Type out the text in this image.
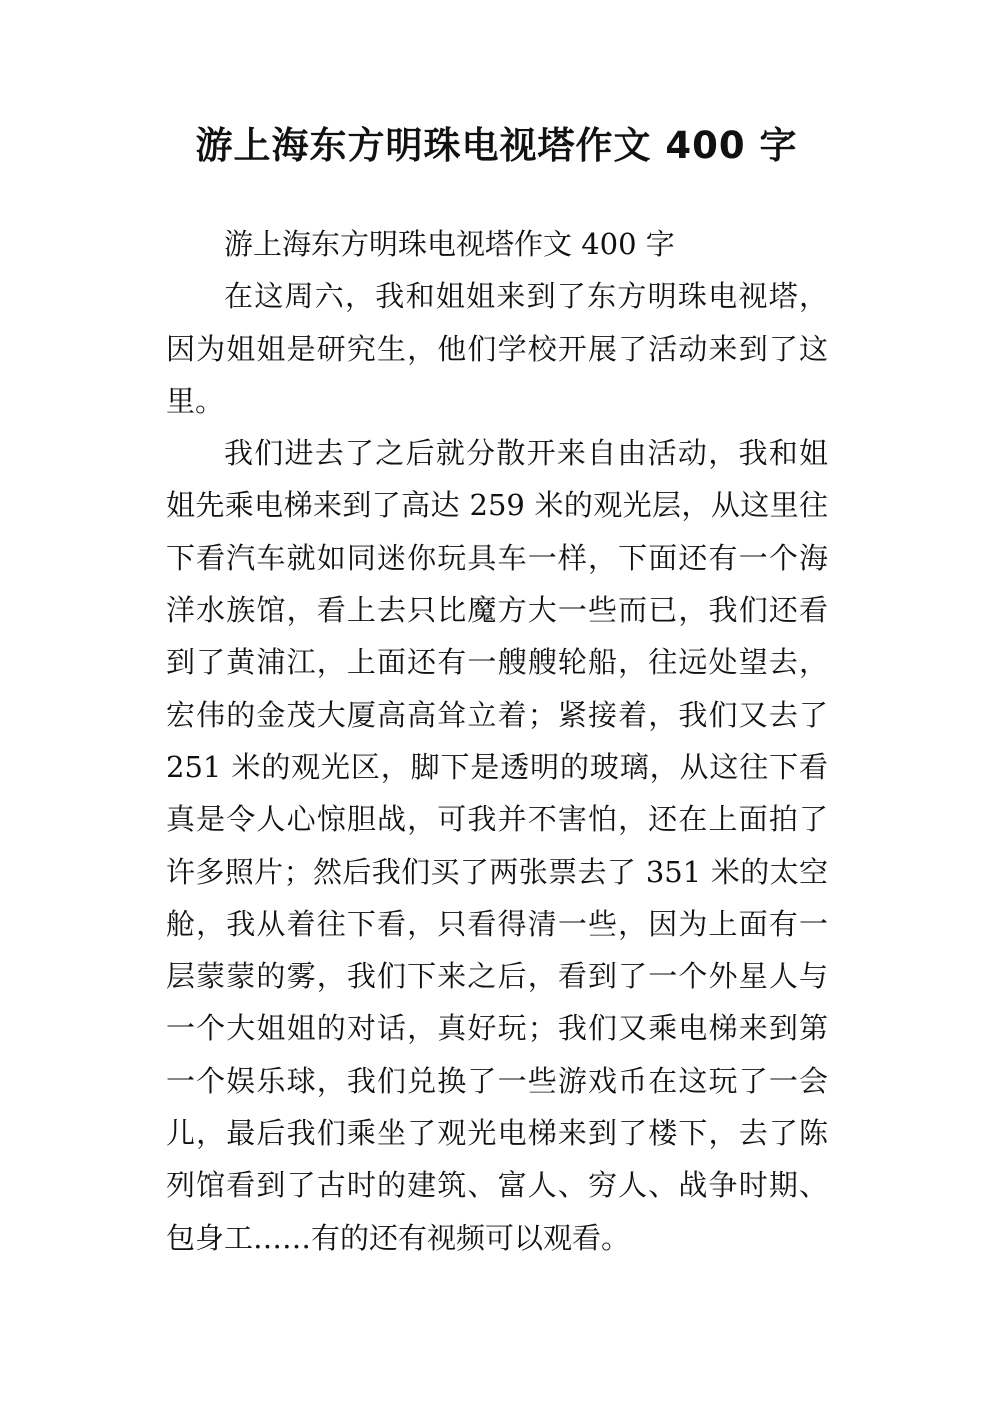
游上海东方明珠电视塔作文 400 字

游上海东方明珠电视塔作文 400 字

在这周六，我和姐姐来到了东方明珠电视塔，因为姐姐是研究生，他们学校开展了活动来到了这里。

我们进去了之后就分散开来自由活动，我和姐姐先乘电梯来到了高达 259 米的观光层，从这里往下看汽车就如同迷你玩具车一样，下面还有一个海洋水族馆，看上去只比魔方大一些而已，我们还看到了黄浦江，上面还有一艘艘轮船，往远处望去，宏伟的金茂大厦高高耸立着；紧接着，我们又去了 251 米的观光区，脚下是透明的玻璃，从这往下看真是令人心惊胆战，可我并不害怕，还在上面拍了许多照片；然后我们买了两张票去了 351 米的太空舱，我从着往下看，只看得清一些，因为上面有一层蒙蒙的雾，我们下来之后，看到了一个外星人与一个大姐姐的对话，真好玩；我们又乘电梯来到第一个娱乐球，我们兑换了一些游戏币在这玩了一会儿，最后我们乘坐了观光电梯来到了楼下，去了陈列馆看到了古时的建筑、富人、穷人、战争时期、包身工……有的还有视频可以观看。
